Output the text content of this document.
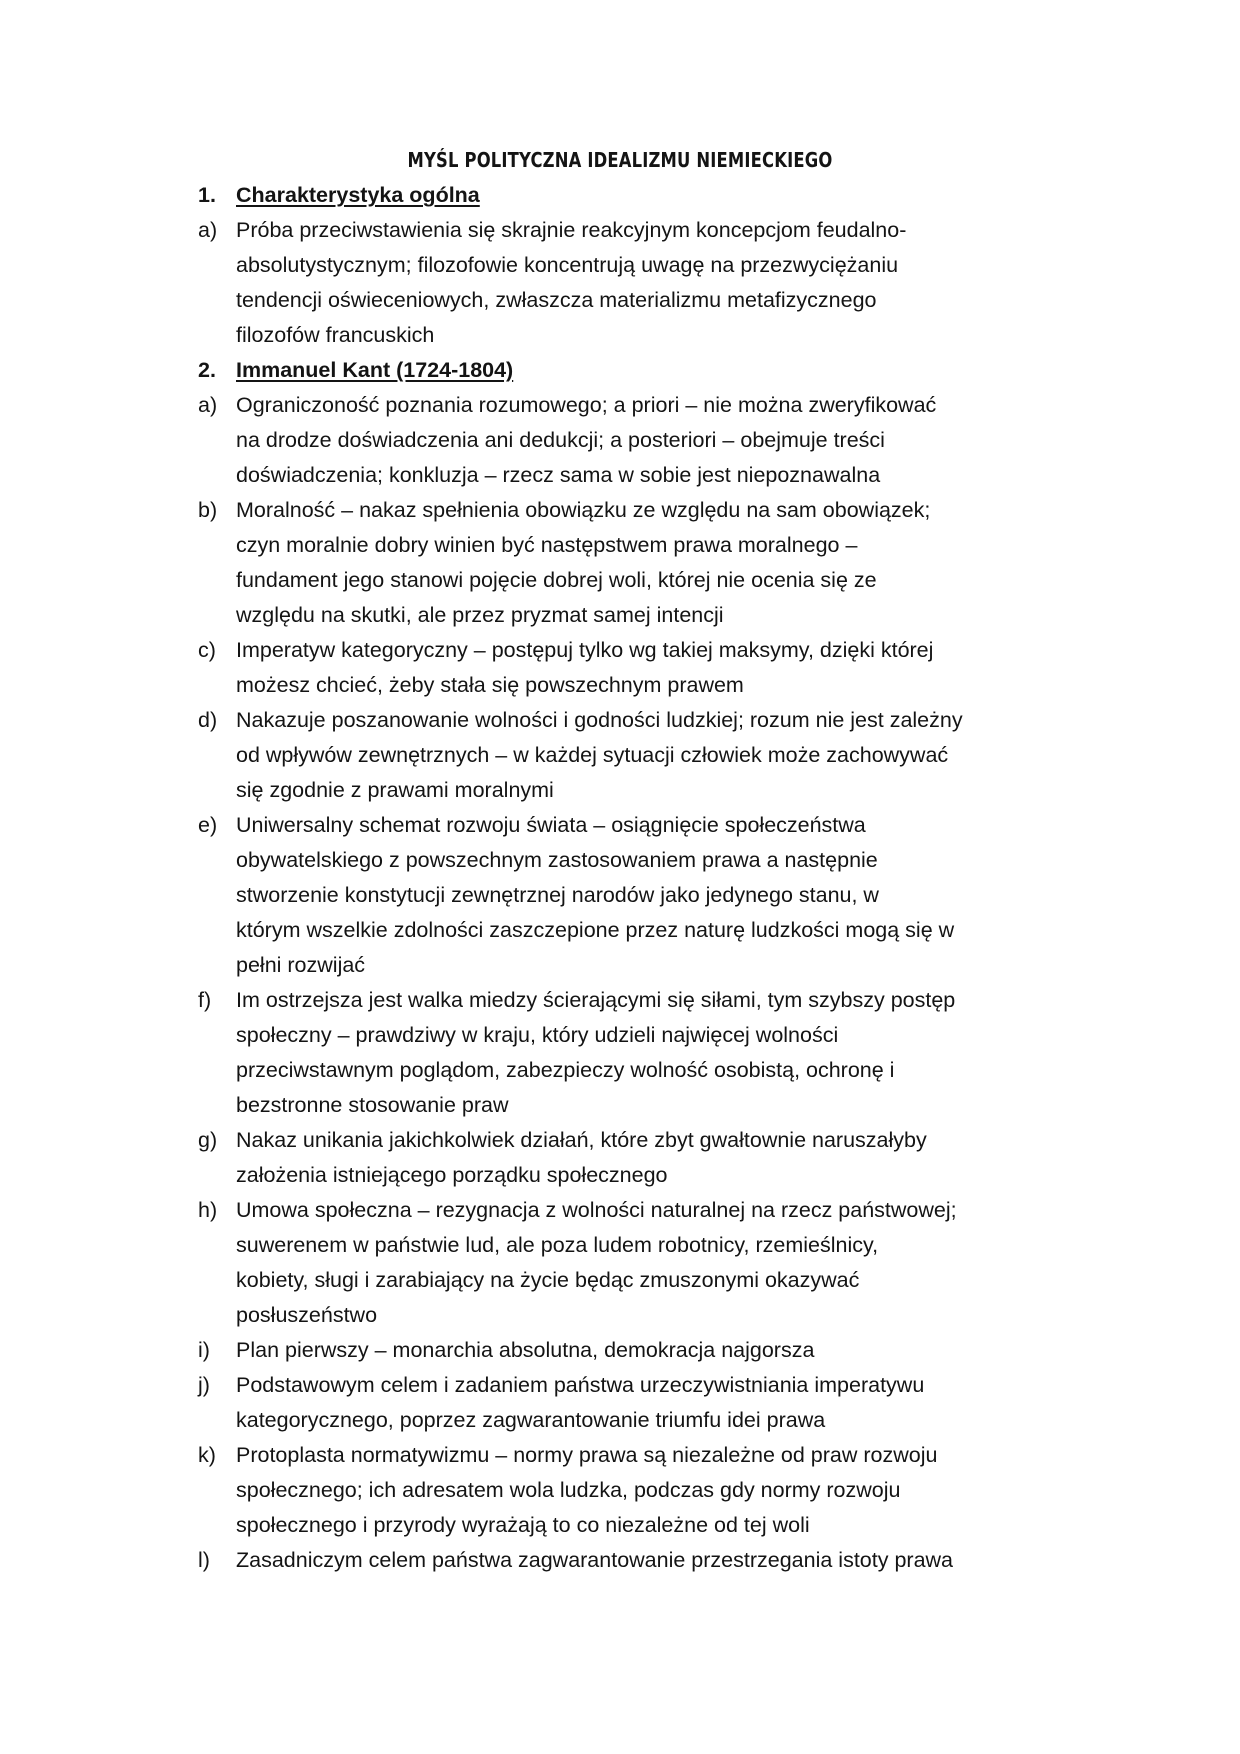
MYŚL POLITYCZNA IDEALIZMU NIEMIECKIEGO
1. Charakterystyka ogólna
a) Próba przeciwstawienia się skrajnie reakcyjnym koncepcjom feudalno-
absolutystycznym; filozofowie koncentrują uwagę na przezwyciężaniu
tendencji oświeceniowych, zwłaszcza materializmu metafizycznego
filozofów francuskich
2. Immanuel Kant (1724-1804)
a) Ograniczoność poznania rozumowego; a priori – nie można zweryfikować
na drodze doświadczenia ani dedukcji; a posteriori – obejmuje treści
doświadczenia; konkluzja – rzecz sama w sobie jest niepoznawalna
b) Moralność – nakaz spełnienia obowiązku ze względu na sam obowiązek;
czyn moralnie dobry winien być następstwem prawa moralnego –
fundament jego stanowi pojęcie dobrej woli, której nie ocenia się ze
względu na skutki, ale przez pryzmat samej intencji
c) Imperatyw kategoryczny – postępuj tylko wg takiej maksymy, dzięki której
możesz chcieć, żeby stała się powszechnym prawem
d) Nakazuje poszanowanie wolności i godności ludzkiej; rozum nie jest zależny
od wpływów zewnętrznych – w każdej sytuacji człowiek może zachowywać
się zgodnie z prawami moralnymi
e) Uniwersalny schemat rozwoju świata – osiągnięcie społeczeństwa
obywatelskiego z powszechnym zastosowaniem prawa a następnie
stworzenie konstytucji zewnętrznej narodów jako jedynego stanu, w
którym wszelkie zdolności zaszczepione przez naturę ludzkości mogą się w
pełni rozwijać
f)	Im ostrzejsza jest walka miedzy ścierającymi się siłami, tym szybszy postęp
społeczny – prawdziwy w kraju, który udzieli najwięcej wolności
przeciwstawnym poglądom, zabezpieczy wolność osobistą, ochronę i
bezstronne stosowanie praw
g) Nakaz unikania jakichkolwiek działań, które zbyt gwałtownie naruszałyby
założenia istniejącego porządku społecznego
h) Umowa społeczna – rezygnacja z wolności naturalnej na rzecz państwowej;
suwerenem w państwie lud, ale poza ludem robotnicy, rzemieślnicy,
kobiety, sługi i zarabiający na życie będąc zmuszonymi okazywać
posłuszeństwo
i)	Plan pierwszy – monarchia absolutna, demokracja najgorsza
j)	Podstawowym celem i zadaniem państwa urzeczywistniania imperatywu
kategorycznego, poprzez zagwarantowanie triumfu idei prawa
k) Protoplasta normatywizmu – normy prawa są niezależne od praw rozwoju
społecznego; ich adresatem wola ludzka, podczas gdy normy rozwoju
społecznego i przyrody wyrażają to co niezależne od tej woli
l)	Zasadniczym celem państwa zagwarantowanie przestrzegania istoty prawa
